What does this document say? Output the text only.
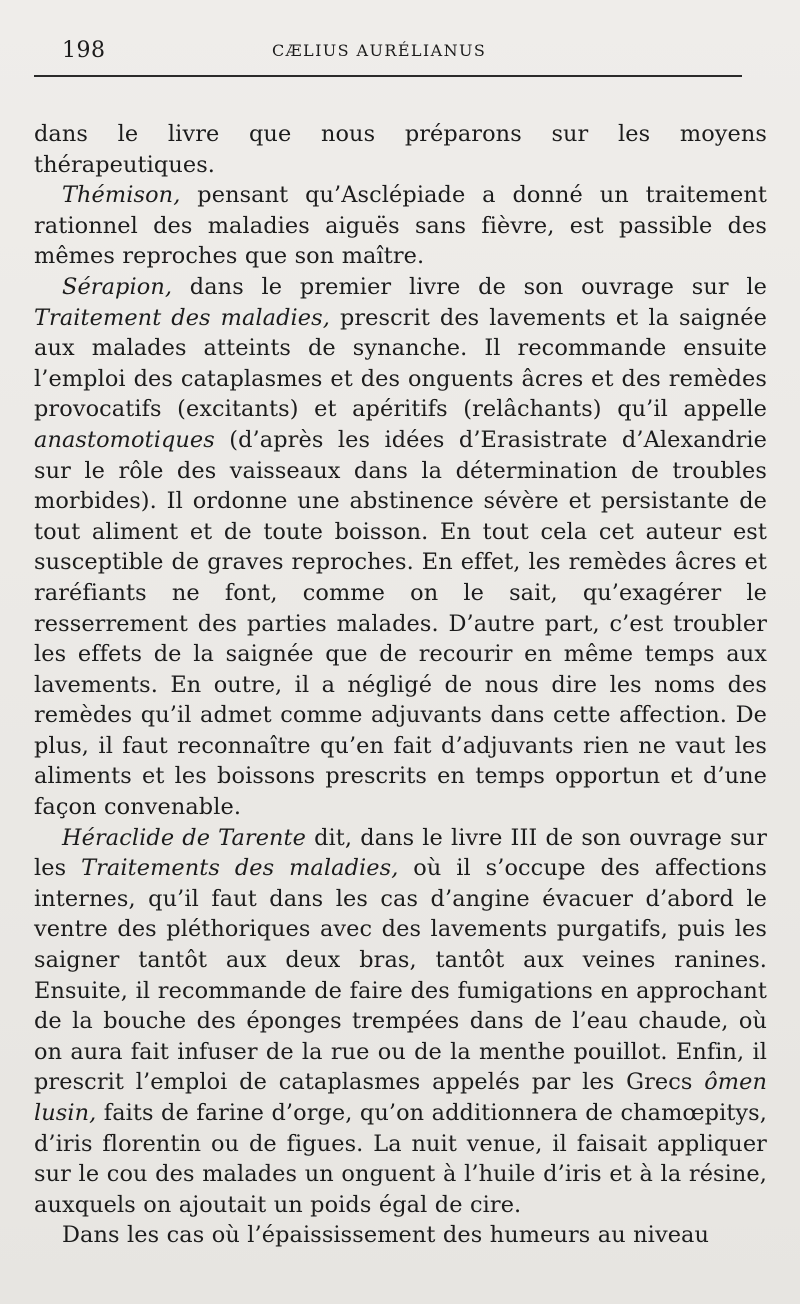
198	CÆLIUS AURÉLIANUS

dans le livre que nous préparons sur les moyens thérapeutiques.

Thémison, pensant qu’Asclépiade a donné un traitement rationnel des maladies aiguës sans fièvre, est passible des mêmes reproches que son maître.

Sérapion, dans le premier livre de son ouvrage sur le Traitement des maladies, prescrit des lavements et la saignée aux malades atteints de synanche. Il recommande ensuite l’emploi des cataplasmes et des onguents âcres et des remèdes provocatifs (excitants) et apéritifs (relâchants) qu’il appelle anastomotiques (d’après les idées d’Erasistrate d’Alexandrie sur le rôle des vaisseaux dans la détermination de troubles morbides). Il ordonne une abstinence sévère et persistante de tout aliment et de toute boisson. En tout cela cet auteur est susceptible de graves reproches. En effet, les remèdes âcres et raréfiants ne font, comme on le sait, qu’exagérer le resserrement des parties malades. D’autre part, c’est troubler les effets de la saignée que de recourir en même temps aux lavements. En outre, il a négligé de nous dire les noms des remèdes qu’il admet comme adjuvants dans cette affection. De plus, il faut reconnaître qu’en fait d’adjuvants rien ne vaut les aliments et les boissons prescrits en temps opportun et d’une façon convenable.

Héraclide de Tarente dit, dans le livre III de son ouvrage sur les Traitements des maladies, où il s’occupe des affections internes, qu’il faut dans les cas d’angine évacuer d’abord le ventre des pléthoriques avec des lavements purgatifs, puis les saigner tantôt aux deux bras, tantôt aux veines ranines. Ensuite, il recommande de faire des fumigations en approchant de la bouche des éponges trempées dans de l’eau chaude, où on aura fait infuser de la rue ou de la menthe pouillot. Enfin, il prescrit l’emploi de cataplasmes appelés par les Grecs ômen lusin, faits de farine d’orge, qu’on additionnera de chamœpitys, d’iris florentin ou de figues. La nuit venue, il faisait appliquer sur le cou des malades un onguent à l’huile d’iris et à la résine, auxquels on ajoutait un poids égal de cire.

Dans les cas où l’épaississement des humeurs au niveau
